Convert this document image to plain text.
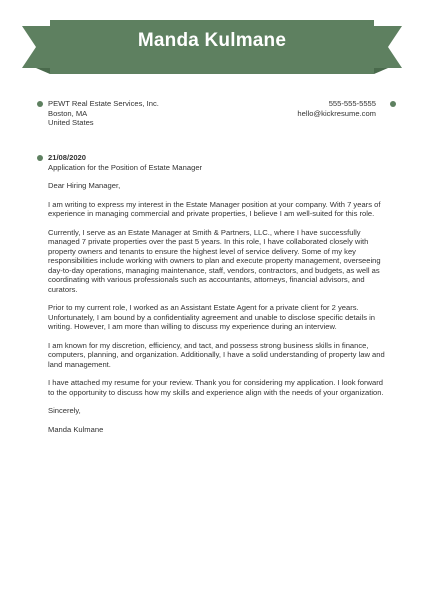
Manda Kulmane
PEWT Real Estate Services, Inc.
Boston, MA
United States
555-555-5555
hello@kickresume.com
21/08/2020
Application for the Position of Estate Manager

Dear Hiring Manager,

I am writing to express my interest in the Estate Manager position at your company. With 7 years of experience in managing commercial and private properties, I believe I am well-suited for this role.

Currently, I serve as an Estate Manager at Smith & Partners, LLC., where I have successfully managed 7 private properties over the past 5 years. In this role, I have collaborated closely with property owners and tenants to ensure the highest level of service delivery. Some of my key responsibilities include working with owners to plan and execute property management, overseeing day-to-day operations, managing maintenance, staff, vendors, contractors, and budgets, as well as coordinating with various professionals such as accountants, attorneys, financial advisors, and curators.

Prior to my current role, I worked as an Assistant Estate Agent for a private client for 2 years. Unfortunately, I am bound by a confidentiality agreement and unable to disclose specific details in writing. However, I am more than willing to discuss my experience during an interview.

I am known for my discretion, efficiency, and tact, and possess strong business skills in finance, computers, planning, and organization. Additionally, I have a solid understanding of property law and land management.

I have attached my resume for your review. Thank you for considering my application. I look forward to the opportunity to discuss how my skills and experience align with the needs of your organization.

Sincerely,

Manda Kulmane
